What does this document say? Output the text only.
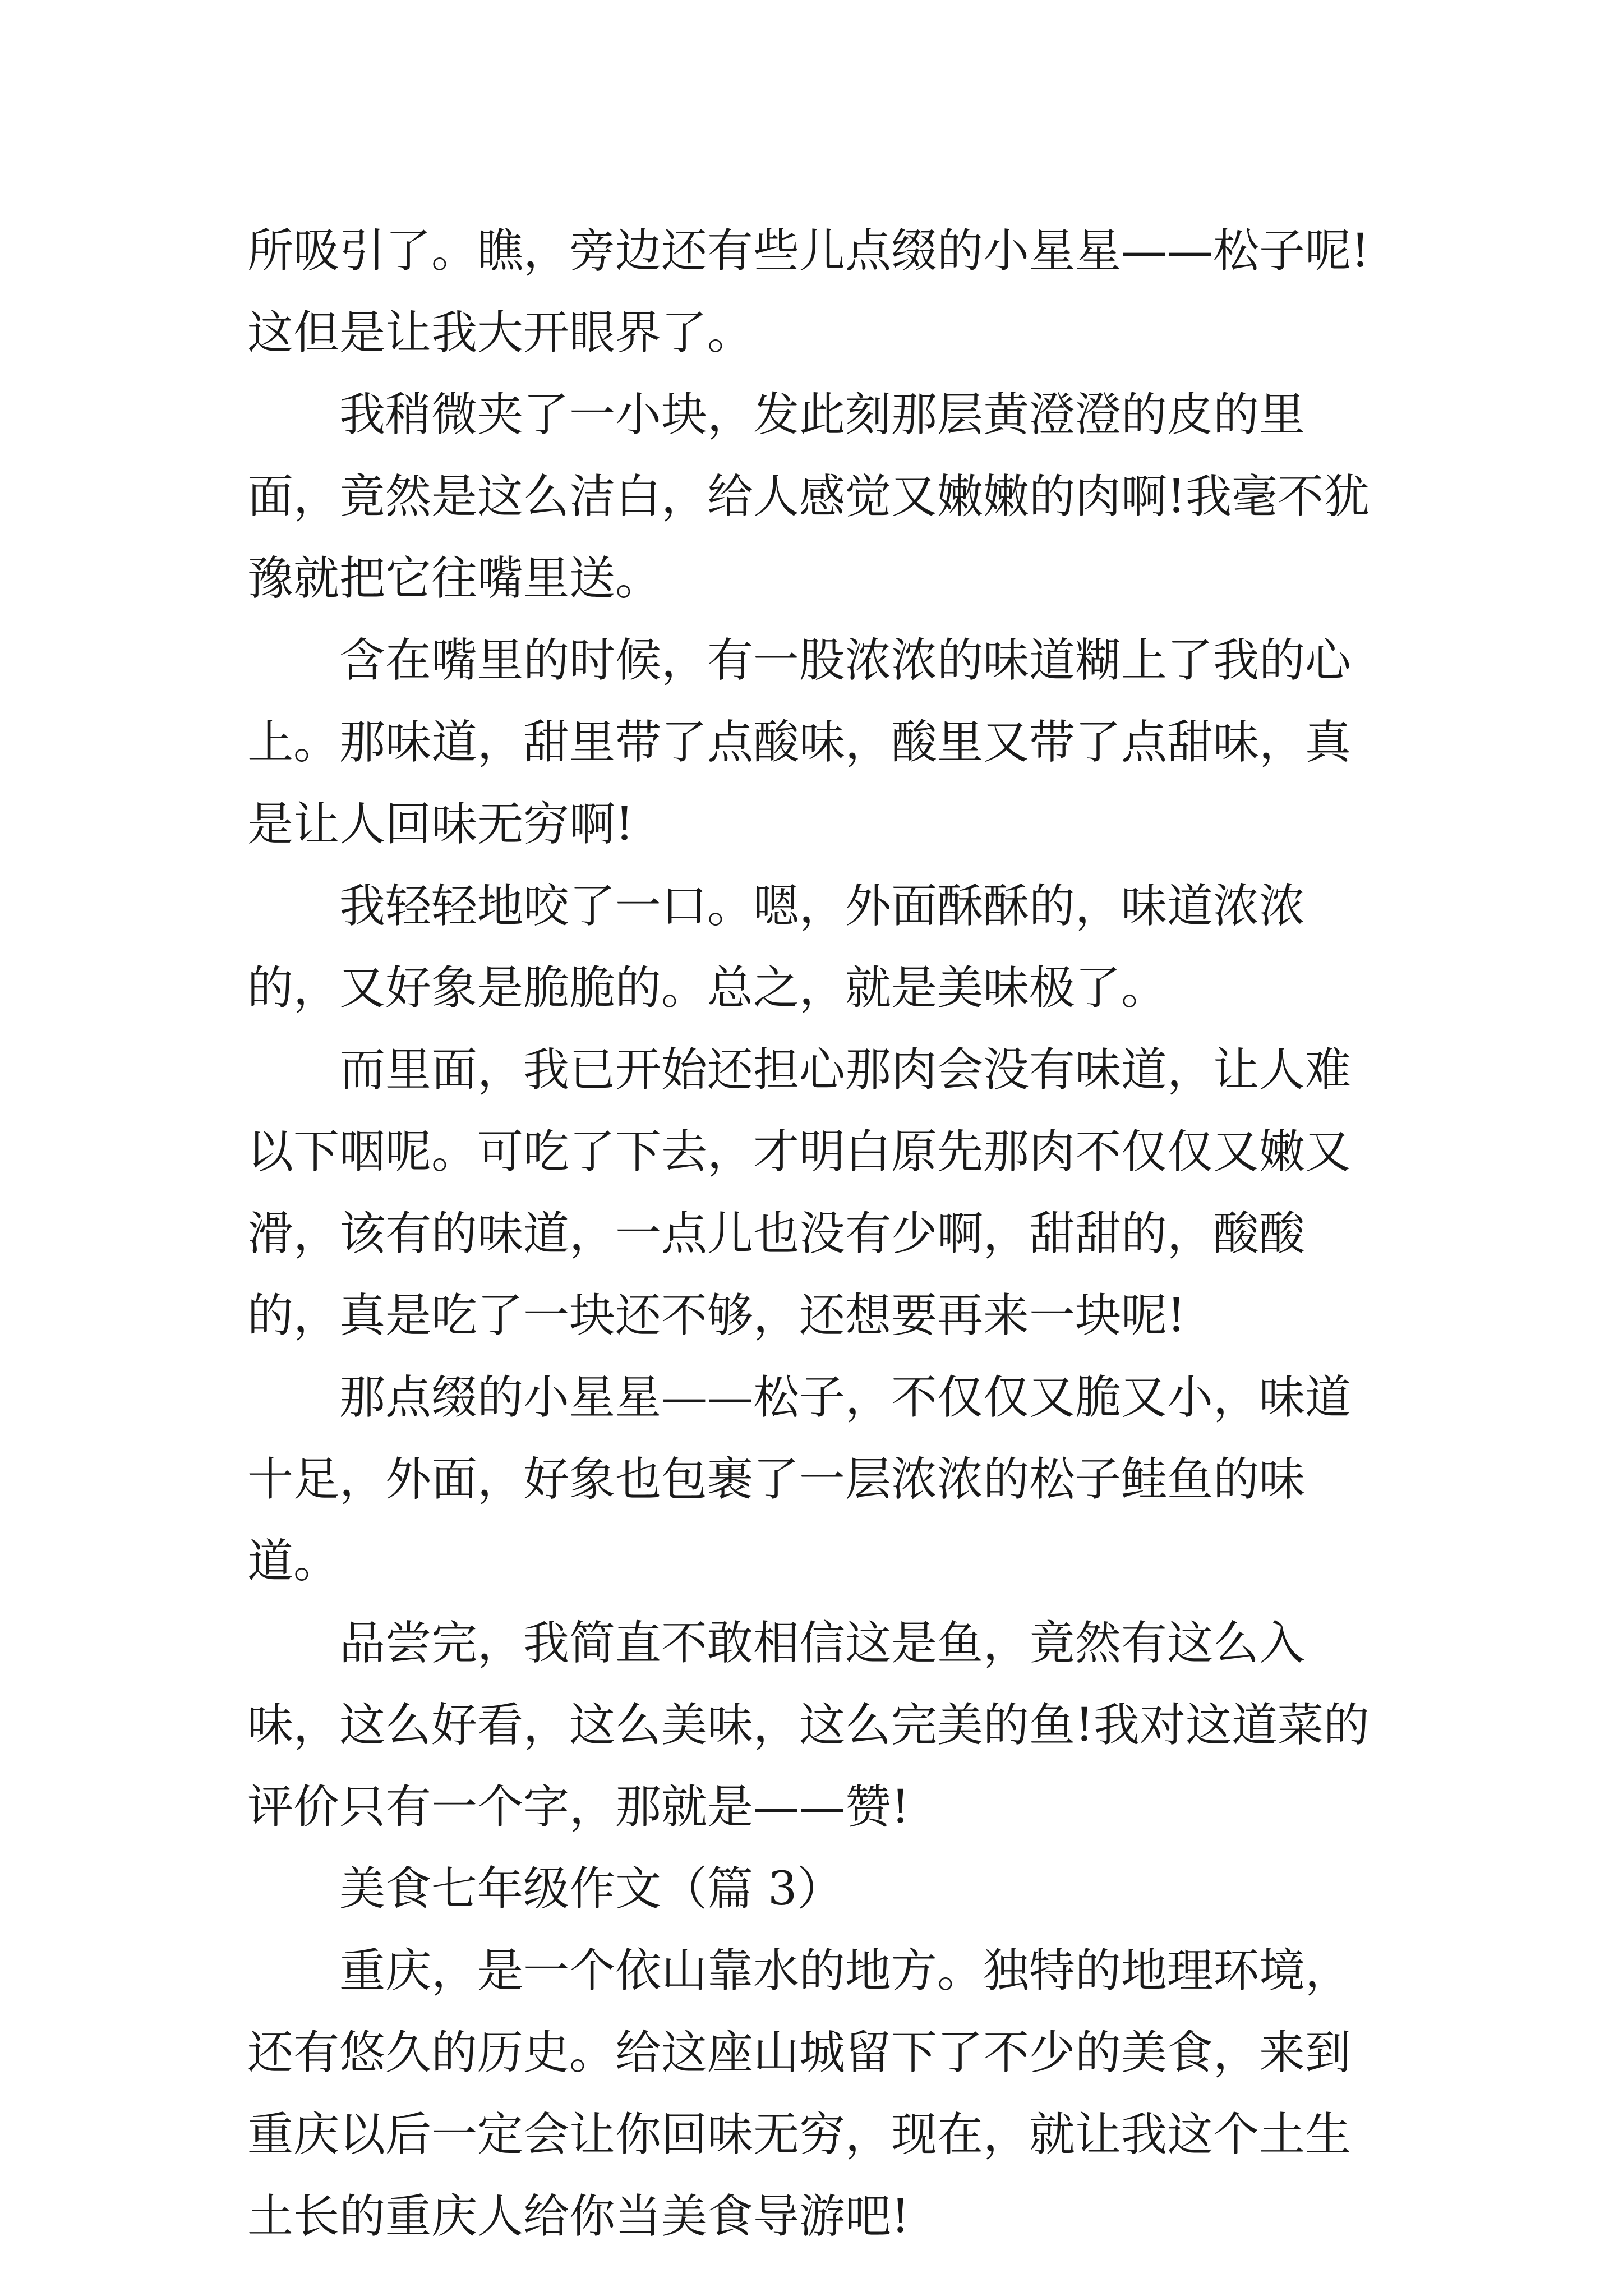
所吸引了。瞧，旁边还有些儿点缀的小星星——松子呢!这但是让我大开眼界了。

我稍微夹了一小块，发此刻那层黄澄澄的皮的里面，竟然是这么洁白，给人感觉又嫩嫩的肉啊!我毫不犹豫就把它往嘴里送。

含在嘴里的时候，有一股浓浓的味道糊上了我的心上。那味道，甜里带了点酸味，酸里又带了点甜味，真是让人回味无穷啊!

我轻轻地咬了一口。嗯，外面酥酥的，味道浓浓的，又好象是脆脆的。总之，就是美味极了。

而里面，我已开始还担心那肉会没有味道，让人难以下咽呢。可吃了下去，才明白原先那肉不仅仅又嫩又滑，该有的味道，一点儿也没有少啊，甜甜的，酸酸的，真是吃了一块还不够，还想要再来一块呢!

那点缀的小星星——松子，不仅仅又脆又小，味道十足，外面，好象也包裹了一层浓浓的松子鲑鱼的味道。

品尝完，我简直不敢相信这是鱼，竟然有这么入味，这么好看，这么美味，这么完美的鱼!我对这道菜的评价只有一个字，那就是——赞!

美食七年级作文（篇 3）

重庆，是一个依山靠水的地方。独特的地理环境，还有悠久的历史。给这座山城留下了不少的美食，来到重庆以后一定会让你回味无穷，现在，就让我这个土生土长的重庆人给你当美食导游吧!
